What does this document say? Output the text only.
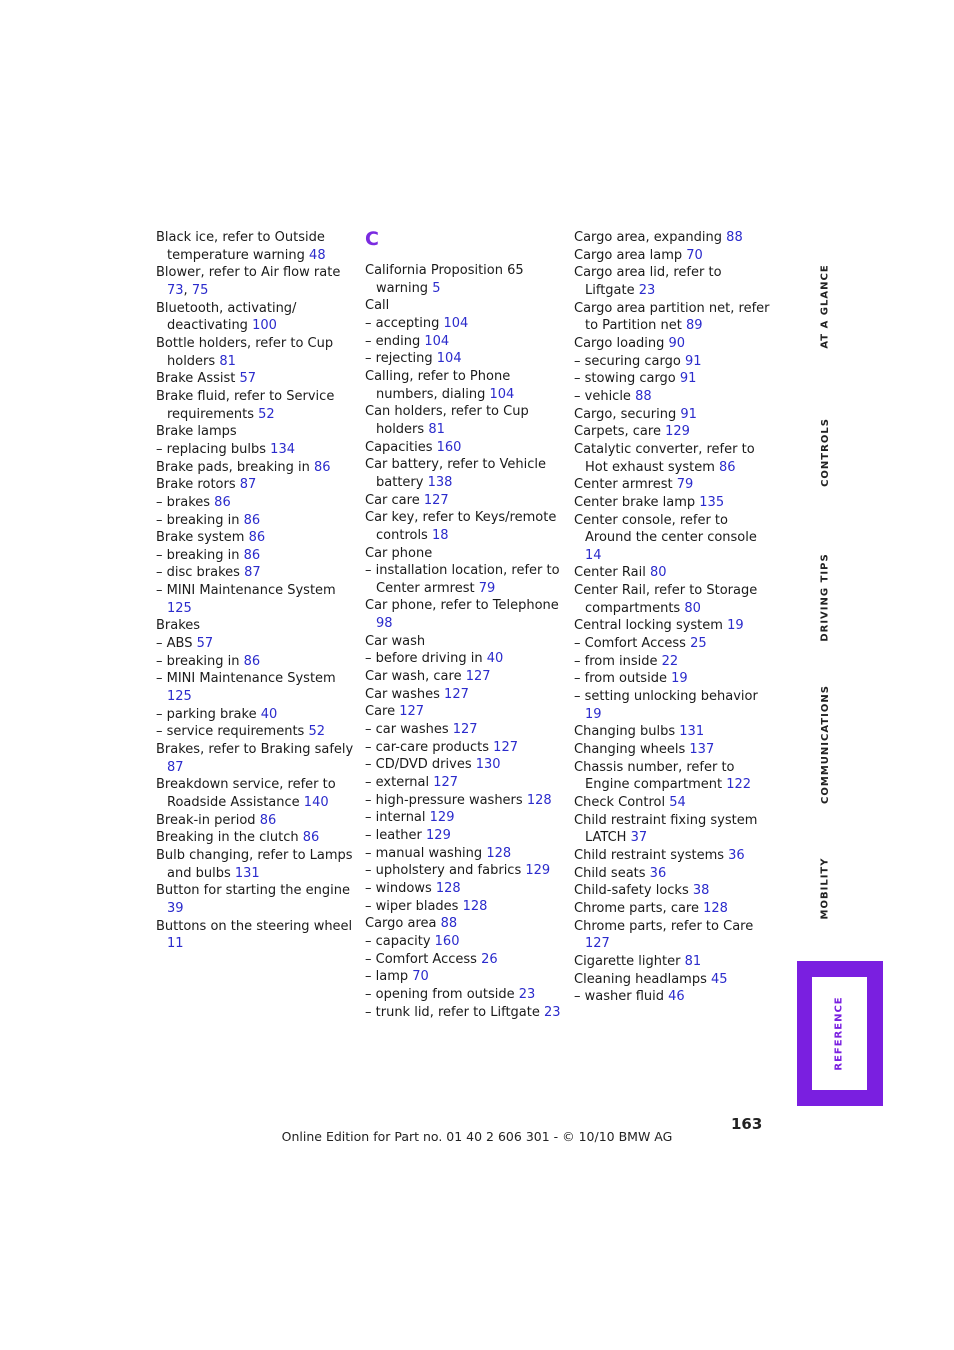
Black ice, refer to Outside temperature warning 48

Blower, refer to Air flow rate 73, 75

Bluetooth, activating/ deactivating 100

Bottle holders, refer to Cup holders 81

Brake Assist 57

Brake fluid, refer to Service requirements 52

Brake lamps

– replacing bulbs 134

Brake pads, breaking in 86

Brake rotors 87

– brakes 86

– breaking in 86

Brake system 86

– breaking in 86

– disc brakes 87

– MINI Maintenance System 125

Brakes

– ABS 57

– breaking in 86

– MINI Maintenance System 125

– parking brake 40

– service requirements 52

Brakes, refer to Braking safely 87

Breakdown service, refer to Roadside Assistance 140

Break-in period 86

Breaking in the clutch 86

Bulb changing, refer to Lamps and bulbs 131

Button for starting the engine 39

Buttons on the steering wheel 11

C

California Proposition 65 warning 5

Call

– accepting 104

– ending 104

– rejecting 104

Calling, refer to Phone numbers, dialing 104

Can holders, refer to Cup holders 81

Capacities 160

Car battery, refer to Vehicle battery 138

Car care 127

Car key, refer to Keys/remote controls 18

Car phone

– installation location, refer to Center armrest 79

Car phone, refer to Telephone 98

Car wash

– before driving in 40

Car wash, care 127

Car washes 127

Care 127

– car washes 127

– car-care products 127

– CD/DVD drives 130

– external 127

– high-pressure washers 128

– internal 129

– leather 129

– manual washing 128

– upholstery and fabrics 129

– windows 128

– wiper blades 128

Cargo area 88

– capacity 160

– Comfort Access 26

– lamp 70

– opening from outside 23

– trunk lid, refer to Liftgate 23

Cargo area, expanding 88

Cargo area lamp 70

Cargo area lid, refer to Liftgate 23

Cargo area partition net, refer to Partition net 89

Cargo loading 90

– securing cargo 91

– stowing cargo 91

– vehicle 88

Cargo, securing 91

Carpets, care 129

Catalytic converter, refer to Hot exhaust system 86

Center armrest 79

Center brake lamp 135

Center console, refer to Around the center console 14

Center Rail 80

Center Rail, refer to Storage compartments 80

Central locking system 19

– Comfort Access 25

– from inside 22

– from outside 19

– setting unlocking behavior 19

Changing bulbs 131

Changing wheels 137

Chassis number, refer to Engine compartment 122

Check Control 54

Child restraint fixing system LATCH 37

Child restraint systems 36

Child seats 36

Child-safety locks 38

Chrome parts, care 128

Chrome parts, refer to Care 127

Cigarette lighter 81

Cleaning headlamps 45

– washer fluid 46

AT A GLANCE
CONTROLS
DRIVING TIPS
COMMUNICATIONS
MOBILITY
REFERENCE
163
Online Edition for Part no. 01 40 2 606 301 - © 10/10 BMW AG
